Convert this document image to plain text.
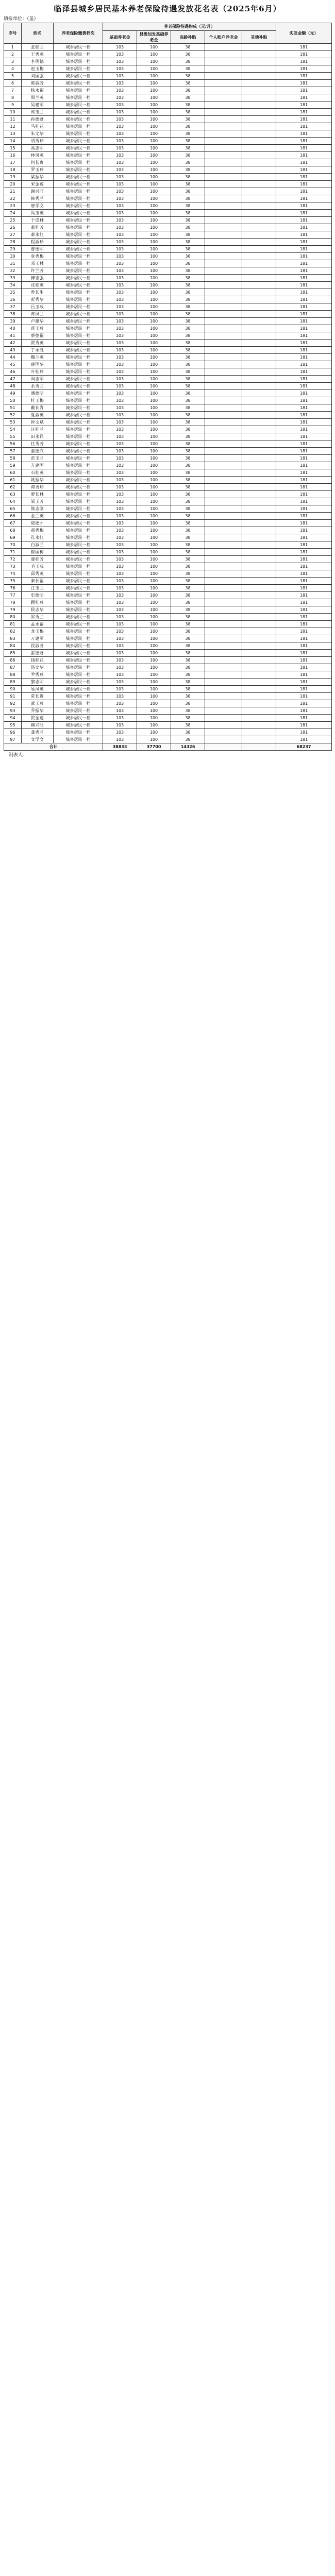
临泽县城乡居民基本养老保险待遇发放花名表（2025年6月）
填报单位：（盖）
序号	姓名	养老保险缴费档次	养老保险待遇构成（元/月）					实发金额（元）
			基础养老金	县级加发基础养老金	高龄补贴	个人账户养老金	其他补贴	
1	张桂兰	城乡居民一档	103	100	38			181
2	王秀英	城乡居民一档	103	100	38			181
3	李明德	城乡居民一档	103	100	38			181
4	赵玉梅	城乡居民一档	103	100	38			181
5	刘国强	城乡居民一档	103	100	38			181
6	陈淑芳	城乡居民一档	103	100	38			181
7	杨永福	城乡居民一档	103	100	38			181
8	周兰英	城乡居民一档	103	100	38			181
9	吴建军	城乡居民一档	103	100	38			181
10	郑玉兰	城乡居民一档	103	100	38			181
11	孙德财	城乡居民一档	103	100	38			181
12	马桂花	城乡居民一档	103	100	38			181
13	朱文华	城乡居民一档	103	100	38			181
14	胡秀珍	城乡居民一档	103	100	38			181
15	高志明	城乡居民一档	103	100	38			181
16	林凤英	城乡居民一档	103	100	38			181
17	何长贵	城乡居民一档	103	100	38			181
18	罗玉珍	城乡居民一档	103	100	38			181
19	梁振华	城乡居民一档	103	100	38			181
20	宋金莲	城乡居民一档	103	100	38			181
21	谢兴旺	城乡居民一档	103	100	38			181
22	韩秀兰	城乡居民一档	103	100	38			181
23	唐学文	城乡居民一档	103	100	38			181
24	冯玉英	城乡居民一档	103	100	38			181
25	于成林	城乡居民一档	103	100	38			181
26	董桂芳	城乡居民一档	103	100	38			181
27	萧永红	城乡居民一档	103	100	38			181
28	程淑珍	城乡居民一档	103	100	38			181
29	曹德明	城乡居民一档	103	100	38			181
30	袁秀梅	城乡居民一档	103	100	38			181
31	邓玉林	城乡居民一档	103	100	38			181
32	许兰芳	城乡居民一档	103	100	38			181
33	傅志强	城乡居民一档	103	100	38			181
34	沈桂英	城乡居民一档	103	100	38			181
35	曾长生	城乡居民一档	103	100	38			181
36	彭秀华	城乡居民一档	103	100	38			181
37	吕玉成	城乡居民一档	103	100	38			181
38	苏凤兰	城乡居民一档	103	100	38			181
39	卢建华	城乡居民一档	103	100	38			181
40	蒋玉珍	城乡居民一档	103	100	38			181
41	蔡德福	城乡居民一档	103	100	38			181
42	贾秀英	城乡居民一档	103	100	38			181
43	丁永胜	城乡居民一档	103	100	38			181
44	魏兰英	城乡居民一档	103	100	38			181
45	薛国华	城乡居民一档	103	100	38			181
46	叶桂珍	城乡居民一档	103	100	38			181
47	阎志军	城乡居民一档	103	100	38			181
48	余秀兰	城乡居民一档	103	100	38			181
49	潘德明	城乡居民一档	103	100	38			181
50	杜玉梅	城乡居民一档	103	100	38			181
51	戴长青	城乡居民一档	103	100	38			181
52	夏淑英	城乡居民一档	103	100	38			181
53	钟文斌	城乡居民一档	103	100	38			181
54	汪桂兰	城乡居民一档	103	100	38			181
55	田永祥	城乡居民一档	103	100	38			181
56	任秀芳	城乡居民一档	103	100	38			181
57	姜德兴	城乡居民一档	103	100	38			181
58	范玉兰	城乡居民一档	103	100	38			181
59	方建国	城乡居民一档	103	100	38			181
60	石桂英	城乡居民一档	103	100	38			181
61	姚振华	城乡居民一档	103	100	38			181
62	谭秀珍	城乡居民一档	103	100	38			181
63	廖长林	城乡居民一档	103	100	38			181
64	邹玉芳	城乡居民一档	103	100	38			181
65	熊志刚	城乡居民一档	103	100	38			181
66	金兰英	城乡居民一档	103	100	38			181
67	陆德才	城乡居民一档	103	100	38			181
68	郝秀梅	城乡居民一档	103	100	38			181
69	孔永红	城乡居民一档	103	100	38			181
70	白淑兰	城乡居民一档	103	100	38			181
71	崔国栋	城乡居民一档	103	100	38			181
72	康桂芳	城乡居民一档	103	100	38			181
73	毛玉成	城乡居民一档	103	100	38			181
74	邱秀英	城乡居民一档	103	100	38			181
75	秦长福	城乡居民一档	103	100	38			181
76	江玉兰	城乡居民一档	103	100	38			181
77	史德明	城乡居民一档	103	100	38			181
78	顾桂珍	城乡居民一档	103	100	38			181
79	侯志华	城乡居民一档	103	100	38			181
80	邵秀兰	城乡居民一档	103	100	38			181
81	孟永福	城乡居民一档	103	100	38			181
82	龙玉梅	城乡居民一档	103	100	38			181
83	万建军	城乡居民一档	103	100	38			181
84	段淑芳	城乡居民一档	103	100	38			181
85	雷德财	城乡居民一档	103	100	38			181
86	钱桂花	城乡居民一档	103	100	38			181
87	汤文华	城乡居民一档	103	100	38			181
88	尹秀珍	城乡居民一档	103	100	38			181
89	黎志明	城乡居民一档	103	100	38			181
90	易凤英	城乡居民一档	103	100	38			181
91	常长贵	城乡居民一档	103	100	38			181
92	武玉珍	城乡居民一档	103	100	38			181
93	乔振华	城乡居民一档	103	100	38			181
94	贺金莲	城乡居民一档	103	100	38			181
95	赖兴旺	城乡居民一档	103	100	38			181
96	龚秀兰	城乡居民一档	103	100	38			181
97	文学文	城乡居民一档	103	100	38			181
合计			38833	37700	14326			68237
制表人：
